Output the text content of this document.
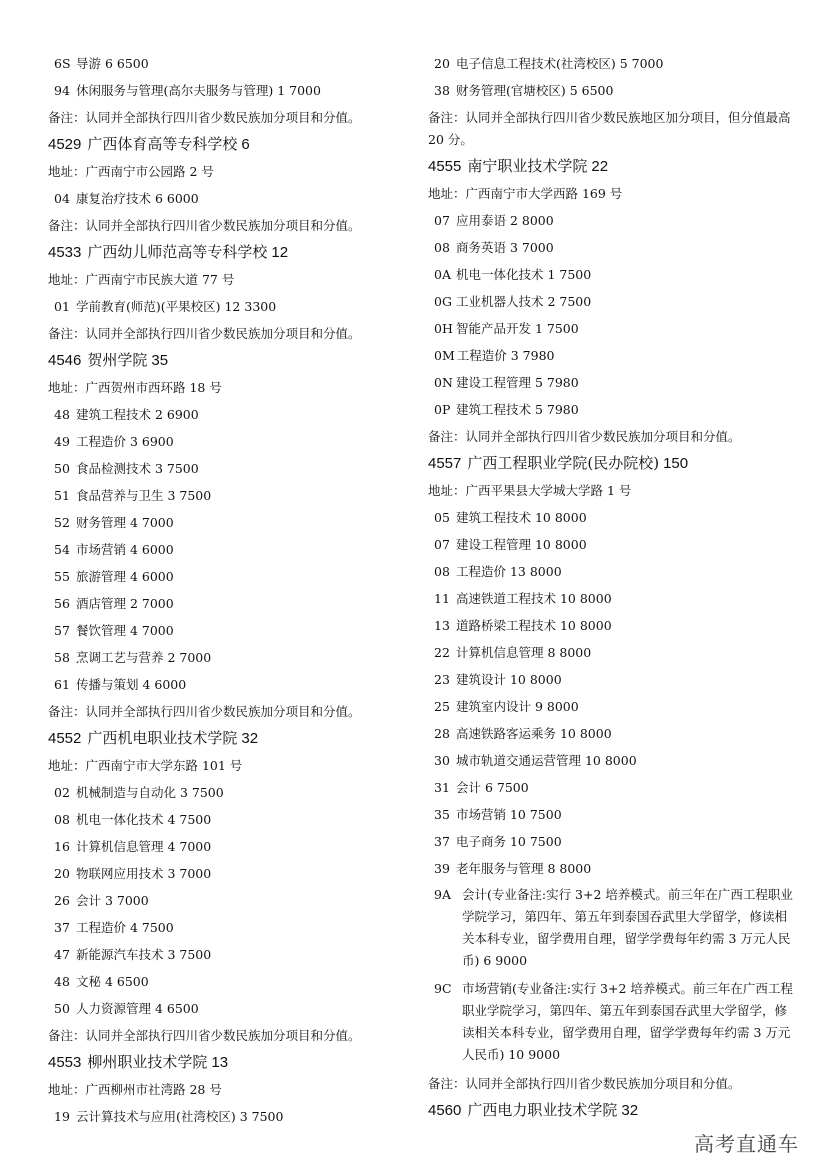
6S 导游 6 6500
94 休闲服务与管理(高尔夫服务与管理) 1 7000
备注：认同并全部执行四川省少数民族加分项目和分值。
4529 广西体育高等专科学校 6
地址：广西南宁市公园路 2 号
04 康复治疗技术 6 6000
备注：认同并全部执行四川省少数民族加分项目和分值。
4533 广西幼儿师范高等专科学校 12
地址：广西南宁市民族大道 77 号
01 学前教育(师范)(平果校区) 12 3300
备注：认同并全部执行四川省少数民族加分项目和分值。
4546 贺州学院 35
地址：广西贺州市西环路 18 号
48 建筑工程技术 2 6900
49 工程造价 3 6900
50 食品检测技术 3 7500
51 食品营养与卫生 3 7500
52 财务管理 4 7000
54 市场营销 4 6000
55 旅游管理 4 6000
56 酒店管理 2 7000
57 餐饮管理 4 7000
58 烹调工艺与营养 2 7000
61 传播与策划 4 6000
备注：认同并全部执行四川省少数民族加分项目和分值。
4552 广西机电职业技术学院 32
地址：广西南宁市大学东路 101 号
02 机械制造与自动化 3 7500
08 机电一体化技术 4 7500
16 计算机信息管理 4 7000
20 物联网应用技术 3 7000
26 会计 3 7000
37 工程造价 4 7500
47 新能源汽车技术 3 7500
48 文秘 4 6500
50 人力资源管理 4 6500
备注：认同并全部执行四川省少数民族加分项目和分值。
4553 柳州职业技术学院 13
地址：广西柳州市社湾路 28 号
19 云计算技术与应用(社湾校区) 3 7500
20 电子信息工程技术(社湾校区) 5 7000
38 财务管理(官塘校区) 5 6500
备注：认同并全部执行四川省少数民族地区加分项目，但分值最高 20 分。
4555 南宁职业技术学院 22
地址：广西南宁市大学西路 169 号
07 应用泰语 2 8000
08 商务英语 3 7000
0A 机电一体化技术 1 7500
0G 工业机器人技术 2 7500
0H 智能产品开发 1 7500
0M 工程造价 3 7980
0N 建设工程管理 5 7980
0P 建筑工程技术 5 7980
备注：认同并全部执行四川省少数民族加分项目和分值。
4557 广西工程职业学院(民办院校) 150
地址：广西平果县大学城大学路 1 号
05 建筑工程技术 10 8000
07 建设工程管理 10 8000
08 工程造价 13 8000
11 高速铁道工程技术 10 8000
13 道路桥梁工程技术 10 8000
22 计算机信息管理 8 8000
23 建筑设计 10 8000
25 建筑室内设计 9 8000
28 高速铁路客运乘务 10 8000
30 城市轨道交通运营管理 10 8000
31 会计 6 7500
35 市场营销 10 7500
37 电子商务 10 7500
39 老年服务与管理 8 8000
9A 会计(专业备注:实行 3+2 培养模式。前三年在广西工程职业学院学习，第四年、第五年到泰国吞武里大学留学，修读相关本科专业，留学费用自理，留学学费每年约需 3 万元人民币) 6 9000
9C 市场营销(专业备注:实行 3+2 培养模式。前三年在广西工程职业学院学习，第四年、第五年到泰国吞武里大学留学，修读相关本科专业，留学费用自理，留学学费每年约需 3 万元人民币) 10 9000
备注：认同并全部执行四川省少数民族加分项目和分值。
4560 广西电力职业技术学院 32
高考直通车
